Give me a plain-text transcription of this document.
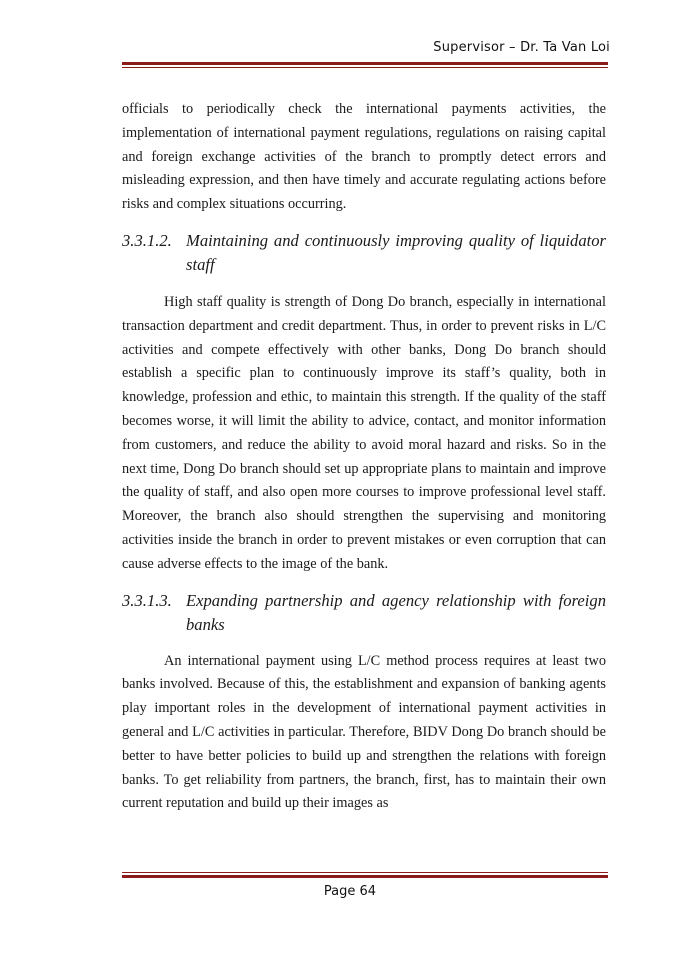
Supervisor – Dr. Ta Van Loi

officials to periodically check the international payments activities, the implementation of international payment regulations, regulations on raising capital and foreign exchange activities of the branch to promptly detect errors and misleading expression, and then have timely and accurate regulating actions before risks and complex situations occurring.

3.3.1.2. Maintaining and continuously improving quality of liquidator staff

High staff quality is strength of Dong Do branch, especially in international transaction department and credit department. Thus, in order to prevent risks in L/C activities and compete effectively with other banks, Dong Do branch should establish a specific plan to continuously improve its staff’s quality, both in knowledge, profession and ethic, to maintain this strength. If the quality of the staff becomes worse, it will limit the ability to advice, contact, and monitor information from customers, and reduce the ability to avoid moral hazard and risks. So in the next time, Dong Do branch should set up appropriate plans to maintain and improve the quality of staff, and also open more courses to improve professional level staff. Moreover, the branch also should strengthen the supervising and monitoring activities inside the branch in order to prevent mistakes or even corruption that can cause adverse effects to the image of the bank.

3.3.1.3. Expanding partnership and agency relationship with foreign banks

An international payment using L/C method process requires at least two banks involved. Because of this, the establishment and expansion of banking agents play important roles in the development of international payment activities in general and L/C activities in particular. Therefore, BIDV Dong Do branch should be better to have better policies to build up and strengthen the relations with foreign banks. To get reliability from partners, the branch, first, has to maintain their own current reputation and build up their images as

Page 64
